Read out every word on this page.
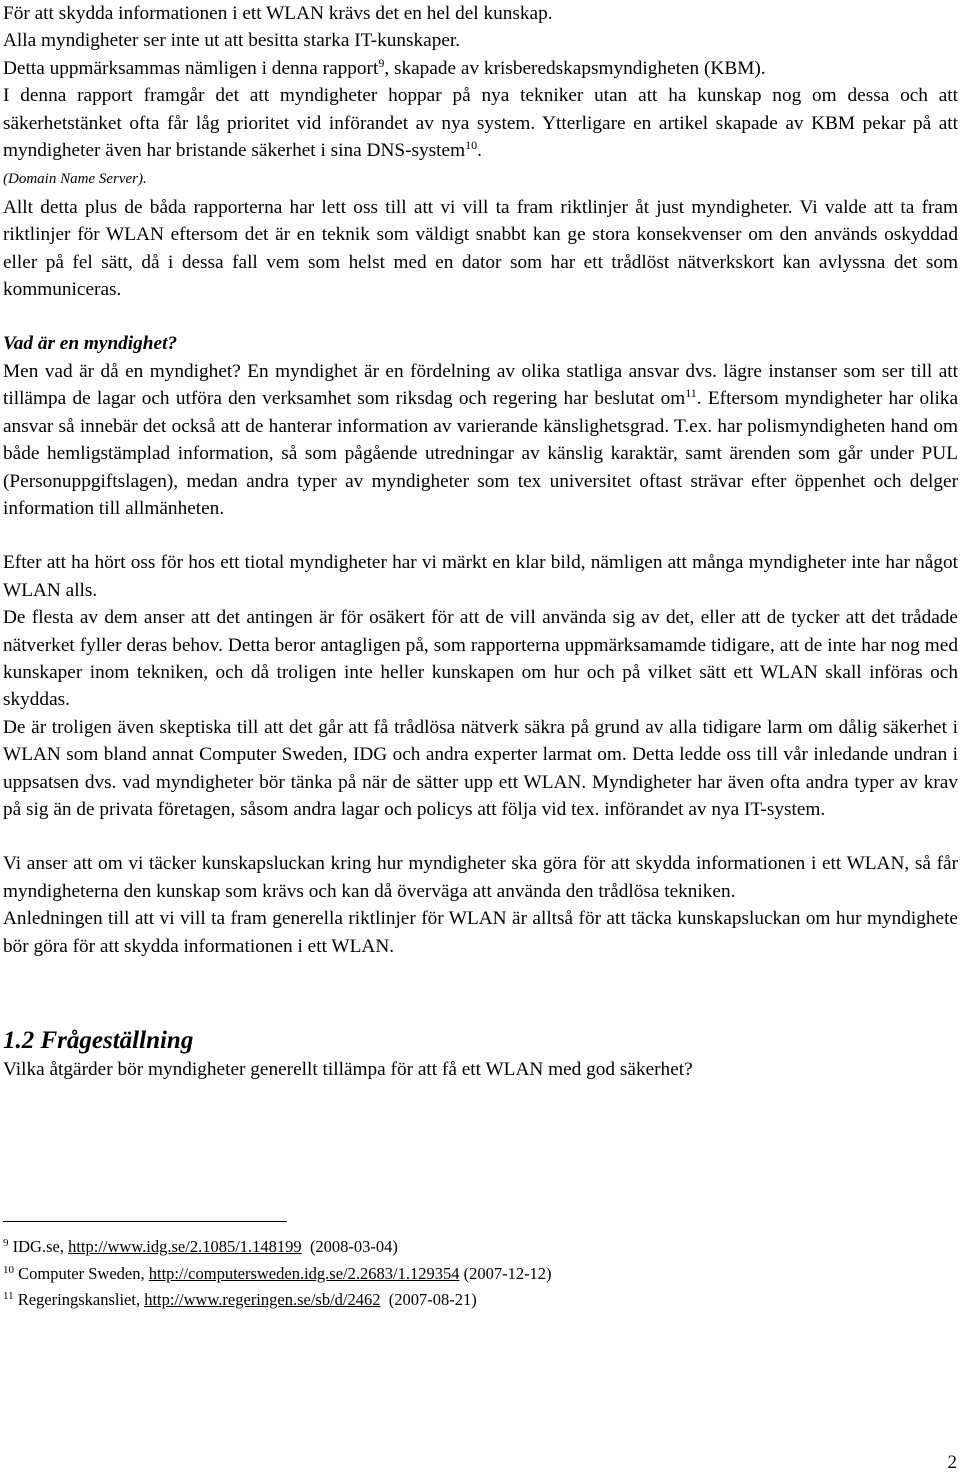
För att skydda informationen i ett WLAN krävs det en hel del kunskap.
Alla myndigheter ser inte ut att besitta starka IT-kunskaper.
Detta uppmärksammas nämligen i denna rapport$^9$, skapade av krisberedskapsmyndigheten (KBM).

I denna rapport framgår det att myndigheter hoppar på nya tekniker utan att ha kunskap nog om dessa och att säkerhetstänket ofta får låg prioritet vid införandet av nya system. Ytterligare en artikel skapade av KBM pekar på att myndigheter även har bristande säkerhet i sina DNS-system$^{10}$.
(Domain Name Server).

Allt detta plus de båda rapporterna har lett oss till att vi vill ta fram riktlinjer åt just myndigheter. Vi valde att ta fram riktlinjer för WLAN eftersom det är en teknik som väldigt snabbt kan ge stora konsekvenser om den används oskyddad eller på fel sätt, då i dessa fall vem som helst med en dator som har ett trådlöst nätverkskort kan avlyssna det som kommuniceras.

Vad är en myndighet?

Men vad är då en myndighet? En myndighet är en fördelning av olika statliga ansvar dvs. lägre instanser som ser till att tillämpa de lagar och utföra den verksamhet som riksdag och regering har beslutat $om^{11}$. Eftersom myndigheter har olika ansvar så innebär det också att de hanterar information av varierande känslighetsgrad. T.ex. har polismyndigheten hand om både hemligstämplad information, så som pågående utredningar av känslig karaktär, samt ärenden som går under PUL (Personuppgiftslagen), medan andra typer av myndigheter som tex universitet oftast strävar efter öppenhet och delger information till allmänheten.

Efter att ha hört oss för hos ett tiotal myndigheter har vi märkt en klar bild, nämligen att många myndigheter inte har något WLAN alls.

De flesta av dem anser att det antingen är för osäkert för att de vill använda sig av det, eller att de tycker att det trådade nätverket fyller deras behov. Detta beror antagligen på, som rapporterna uppmärksamamde tidigare, att de inte har nog med kunskaper inom tekniken, och då troligen inte heller kunskapen om hur och på vilket sätt ett WLAN skall införas och skyddas.

De är troligen även skeptiska till att det går att få trådlösa nätverk säkra på grund av alla tidigare larm om dålig säkerhet i WLAN som bland annat Computer Sweden, IDG och andra experter larmat om. Detta ledde oss till vår inledande undran i uppsatsen dvs. vad myndigheter bör tänka på när de sätter upp ett WLAN. Myndigheter har även ofta andra typer av krav på sig än de privata företagen, såsom andra lagar och policys att följa vid tex. införandet av nya IT-system.

Vi anser att om vi täcker kunskapsluckan kring hur myndigheter ska göra för att skydda informationen i ett WLAN, så får myndigheterna den kunskap som krävs och kan då överväga att använda den trådlösa tekniken.

Anledningen till att vi vill ta fram generella riktlinjer för WLAN är alltså för att täcka kunskapsluckan om hur myndighete bör göra för att skydda informationen i ett WLAN.

1.2 Frågeställning

Vilka åtgärder bör myndigheter generellt tillämpa för att få ett WLAN med god säkerhet?

$^9$ IDG.se, http://www.idg.se/2.1085/1.148199  (2008-03-04)
$^{10}$ Computer Sweden, http://computersweden.idg.se/2.2683/1.129354 (2007-12-12)
$^{11}$ Regeringskansliet, http://www.regeringen.se/sb/d/2462  (2007-08-21)
2
